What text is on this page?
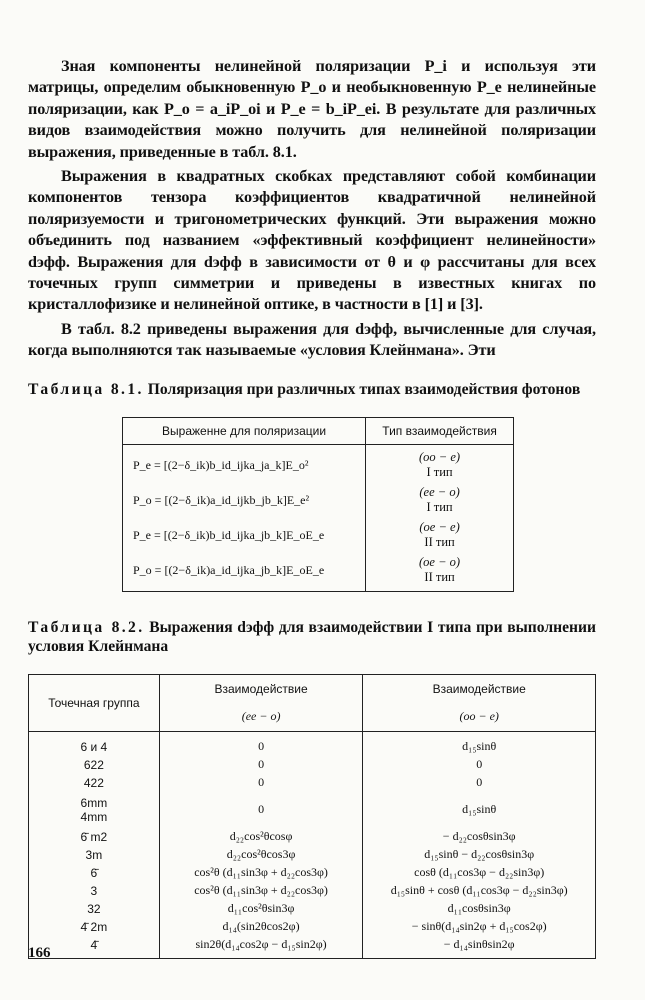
Зная компоненты нелинейной поляризации P_i и используя эти матрицы, определим обыкновенную P_o и необыкновенную P_e нелинейные поляризации, как P_o = a_iP_oi и P_e = b_iP_ei. В результате для различных видов взаимодействия можно получить для нелинейной поляризации выражения, приведенные в табл. 8.1.

Выражения в квадратных скобках представляют собой комбинации компонентов тензора коэффициентов квадратичной нелинейной поляризуемости и тригонометрических функций. Эти выражения можно объединить под названием «эффективный коэффициент нелинейности» dэфф. Выражения для dэфф в зависимости от θ и φ рассчитаны для всех точечных групп симметрии и приведены в известных книгах по кристаллофизике и нелинейной оптике, в частности в [1] и [3].

В табл. 8.2 приведены выражения для dэфф, вычисленные для случая, когда выполняются так называемые «условия Клейнмана». Эти

Таблица 8.1. Поляризация при различных типах взаимодействия фотонов

Выраженне для поляризации	Тип взаимодействия
P_e = [(2−δ_ik)b_id_ijka_ja_k]E_o²	(oo − e)
I тип

P_o = [(2−δ_ik)a_id_ijkb_jb_k]E_e²	(ee − o)
I тип

P_e = [(2−δ_ik)b_id_ijka_jb_k]E_oE_e	(oe − e)
II тип

P_o = [(2−δ_ik)a_id_ijka_jb_k]E_oE_e	(oe − o)
II тип

Таблица 8.2. Выражения dэфф для взаимодействии I типа при выполнении условия Клейнмана

Точечная группа	Взаимодействие	Взаимодействие
	(ee − o)	(oo − e)
6 и 4	0	d₁₅sinθ
622	0	0
422	0	0
6mm
4mm	0	d₁₅sinθ
6̄ m2	d₂₂cos²θcosφ	− d₂₂cosθsin3φ
3m	d₂₂cos²θcos3φ	d₁₅sinθ − d₂₂cosθsin3φ
6̄	cos²θ (d₁₁sin3φ + d₂₂cos3φ)	cosθ (d₁₁cos3φ − d₂₂sin3φ)
3	cos²θ (d₁₁sin3φ + d₂₂cos3φ)	d₁₅sinθ + cosθ (d₁₁cos3φ − d₂₂sin3φ)
32	d₁₁cos²θsin3φ	d₁₁cosθsin3φ
4̄ 2m	d₁₄(sin2θcos2φ)	− sinθ(d₁₄sin2φ + d₁₅cos2φ)
4̄	sin2θ(d₁₄cos2φ − d₁₅sin2φ)	− d₁₄sinθsin2φ
166
